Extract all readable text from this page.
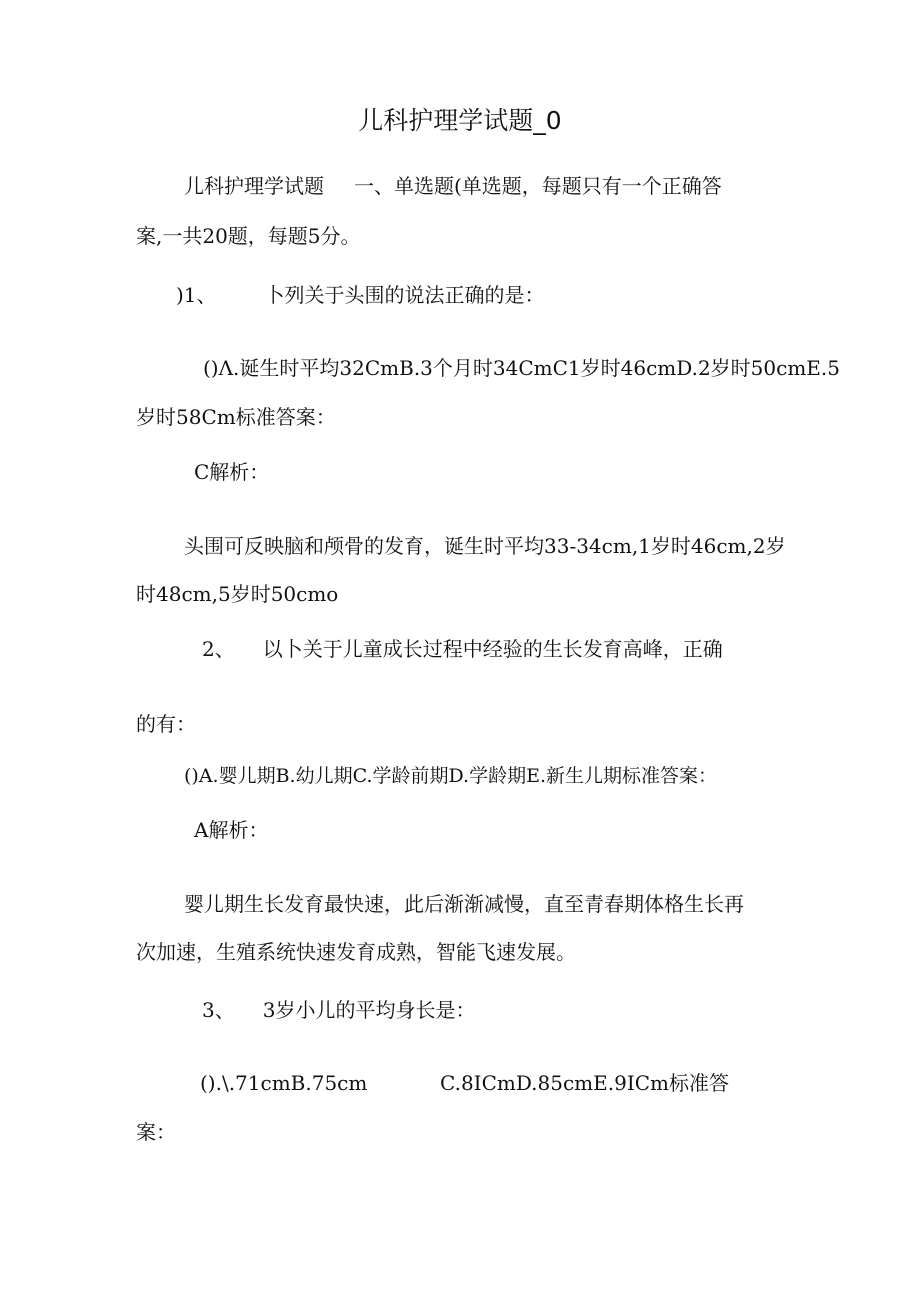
儿科护理学试题_0

儿科护理学试题 一、单选题(单选题，每题只有一个正确答

案,一共20题，每题5分。

)1、 卜列关于头围的说法正确的是：

()Λ.诞生时平均32CmB.3个月时34CmC1岁时46cmD.2岁时50cmE.5

岁时58Cm标准答案：

C解析：

头围可反映脑和颅骨的发育，诞生时平均33-34cm,1岁时46cm,2岁

时48cm,5岁时50cmo

2、 以卜关于儿童成长过程中经验的生长发育高峰，正确

的有：

()A.婴儿期B.幼儿期C.学龄前期D.学龄期E.新生儿期标准答案：

A解析：

婴儿期生长发育最快速，此后渐渐减慢，直至青春期体格生长再

次加速，生殖系统快速发育成熟，智能飞速发展。

3、 3岁小儿的平均身长是：

().\.71cmB.75cm	C.8ICmD.85cmE.9ICm标准答

案：
